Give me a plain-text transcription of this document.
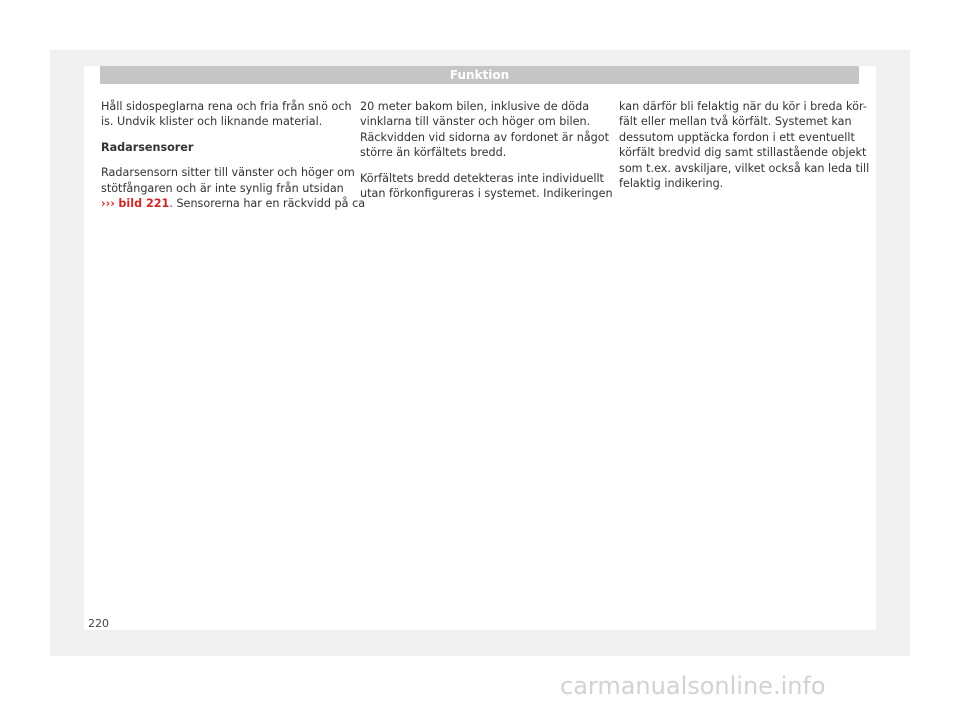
Funktion

Håll sidospeglarna rena och fria från snö och
is. Undvik klister och liknande material.

Radarsensorer

Radarsensorn sitter till vänster och höger om
stötfångaren och är inte synlig från utsidan
››› bild 221. Sensorerna har en räckvidd på ca

20 meter bakom bilen, inklusive de döda
vinklarna till vänster och höger om bilen.
Räckvidden vid sidorna av fordonet är något
större än körfältets bredd.

Körfältets bredd detekteras inte individuellt
utan förkonfigureras i systemet. Indikeringen

kan därför bli felaktig när du kör i breda kör-
fält eller mellan två körfält. Systemet kan
dessutom upptäcka fordon i ett eventuellt
körfält bredvid dig samt stillastående objekt
som t.ex. avskiljare, vilket också kan leda till
felaktig indikering.

220
carmanualsonline.info
